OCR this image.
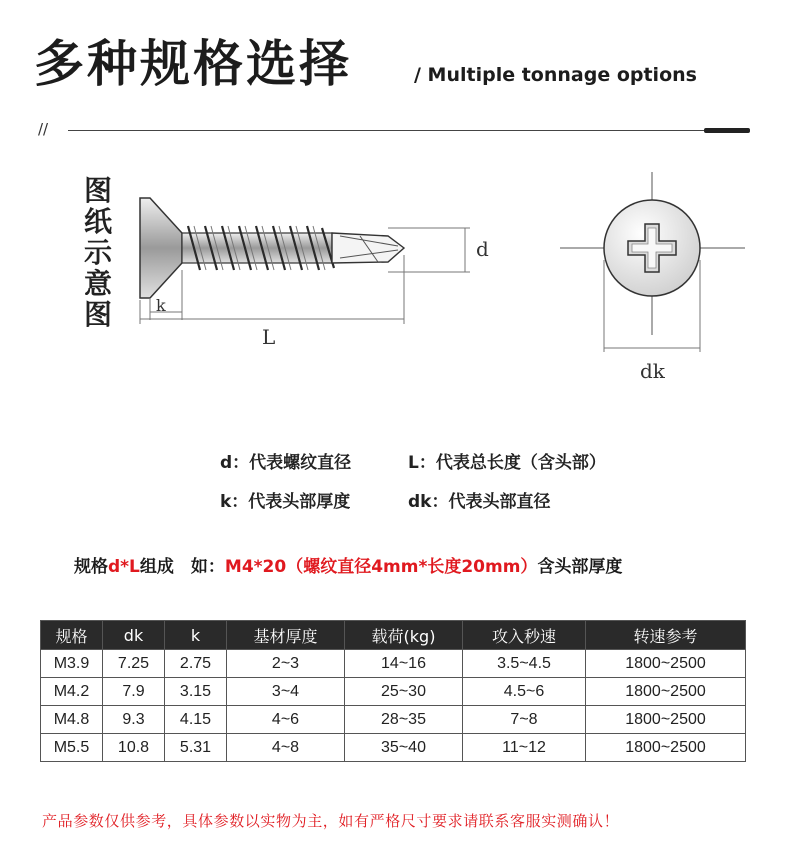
多种规格选择	/ Multiple tonnage options
//
图纸示意图
d
k
L
dk
d：代表螺纹直径	L：代表总长度（含头部）
k：代表头部厚度	dk：代表头部直径
规格d*L组成　如：M4*20（螺纹直径4mm*长度20mm）含头部厚度
规格	dk	k	基材厚度	载荷(kg)	攻入秒速	转速参考
M3.9	7.25	2.75	2~3	14~16	3.5~4.5	1800~2500
M4.2	7.9	3.15	3~4	25~30	4.5~6	1800~2500
M4.8	9.3	4.15	4~6	28~35	7~8	1800~2500
M5.5	10.8	5.31	4~8	35~40	11~12	1800~2500
产品参数仅供参考，具体参数以实物为主，如有严格尺寸要求请联系客服实测确认！
